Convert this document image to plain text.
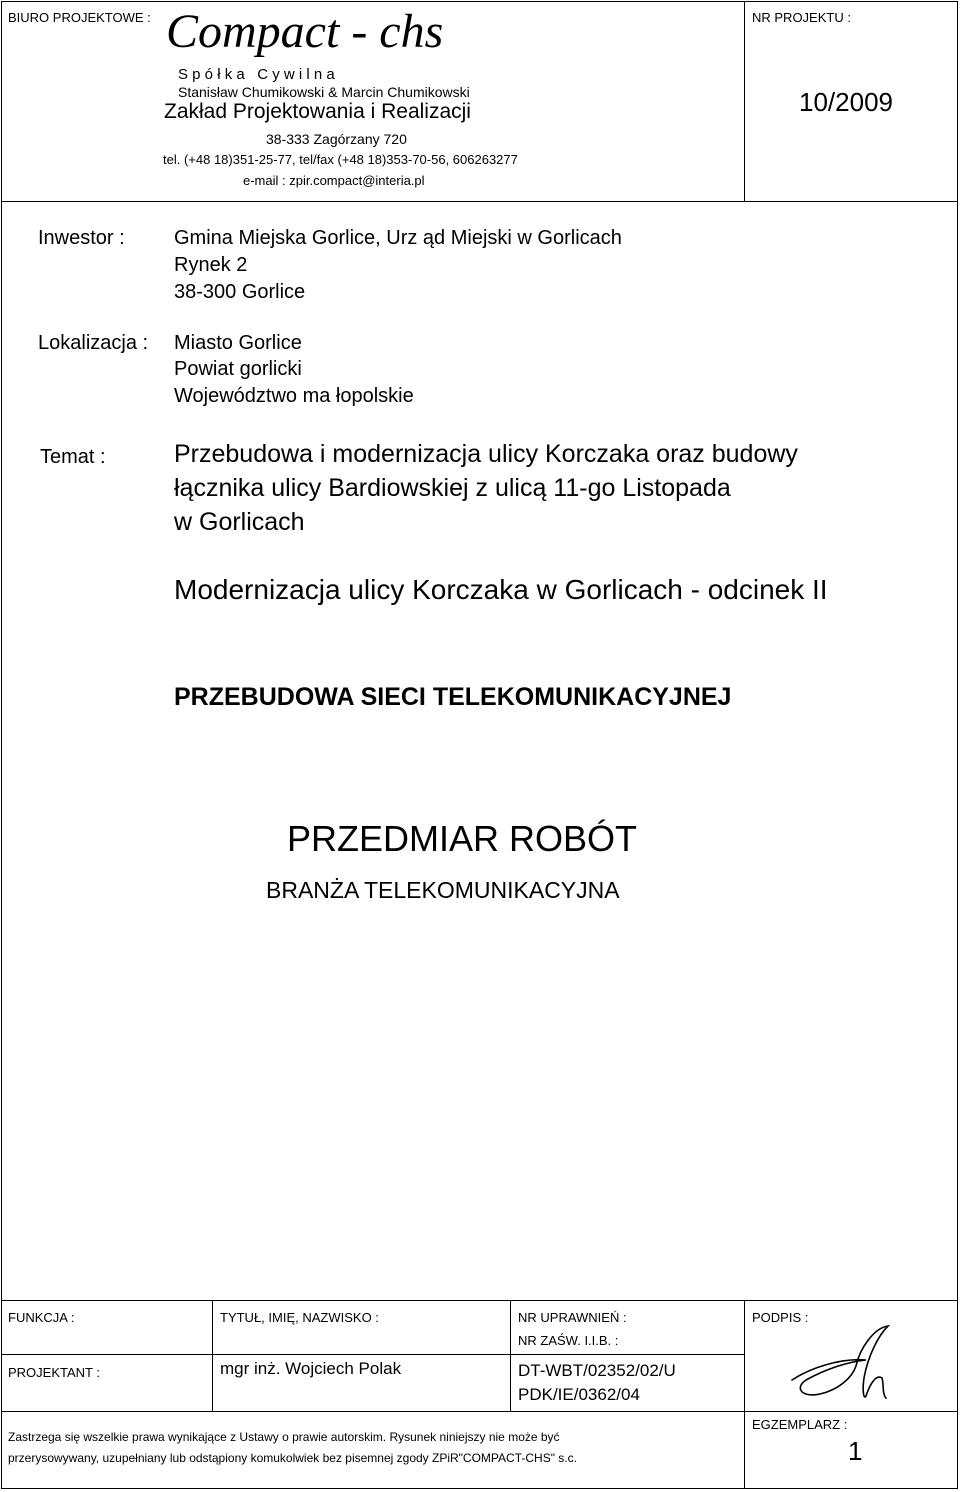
BIURO PROJEKTOWE : Compact - chs
S p ó ł k a   C y w i l n a
Stanisław Chumikowski & Marcin Chumikowski
Zakład Projektowania i Realizacji
38-333 Zagórzany 720
tel. (+48 18)351-25-77, tel/fax (+48 18)353-70-56, 606263277
e-mail : zpir.compact@interia.pl
NR PROJEKTU :
10/2009
Inwestor : Gmina Miejska Gorlice, Urz ąd Miejski w Gorlicach
Rynek 2
38-300 Gorlice
Lokalizacja : Miasto Gorlice
Powiat gorlicki
Województwo ma łopolskie
Temat :	Przebudowa i modernizacja ulicy Korczaka oraz budowy
łącznika ulicy Bardiowskiej z ulicą 11-go Listopada
w Gorlicach
Modernizacja ulicy Korczaka w Gorlicach - odcinek II
PRZEBUDOWA SIECI TELEKOMUNIKACYJNEJ
PRZEDMIAR ROBÓT
BRANŻA TELEKOMUNIKACYJNA
FUNKCJA :	TYTUŁ, IMIĘ, NAZWISKO :	NR UPRAWNIEŃ :
NR ZAŚW. I.I.B. :
PODPIS :
PROJEKTANT :	mgr inż. Wojciech Polak	DT-WBT/02352/02/U
PDK/IE/0362/04
Zastrzega się wszelkie prawa wynikające z Ustawy o prawie autorskim. Rysunek niniejszy nie może być
przerysowywany, uzupełniany lub odstąpiony komukolwiek bez pisemnej zgody ZPiR"COMPACT-CHS" s.c.
EGZEMPLARZ :
1
